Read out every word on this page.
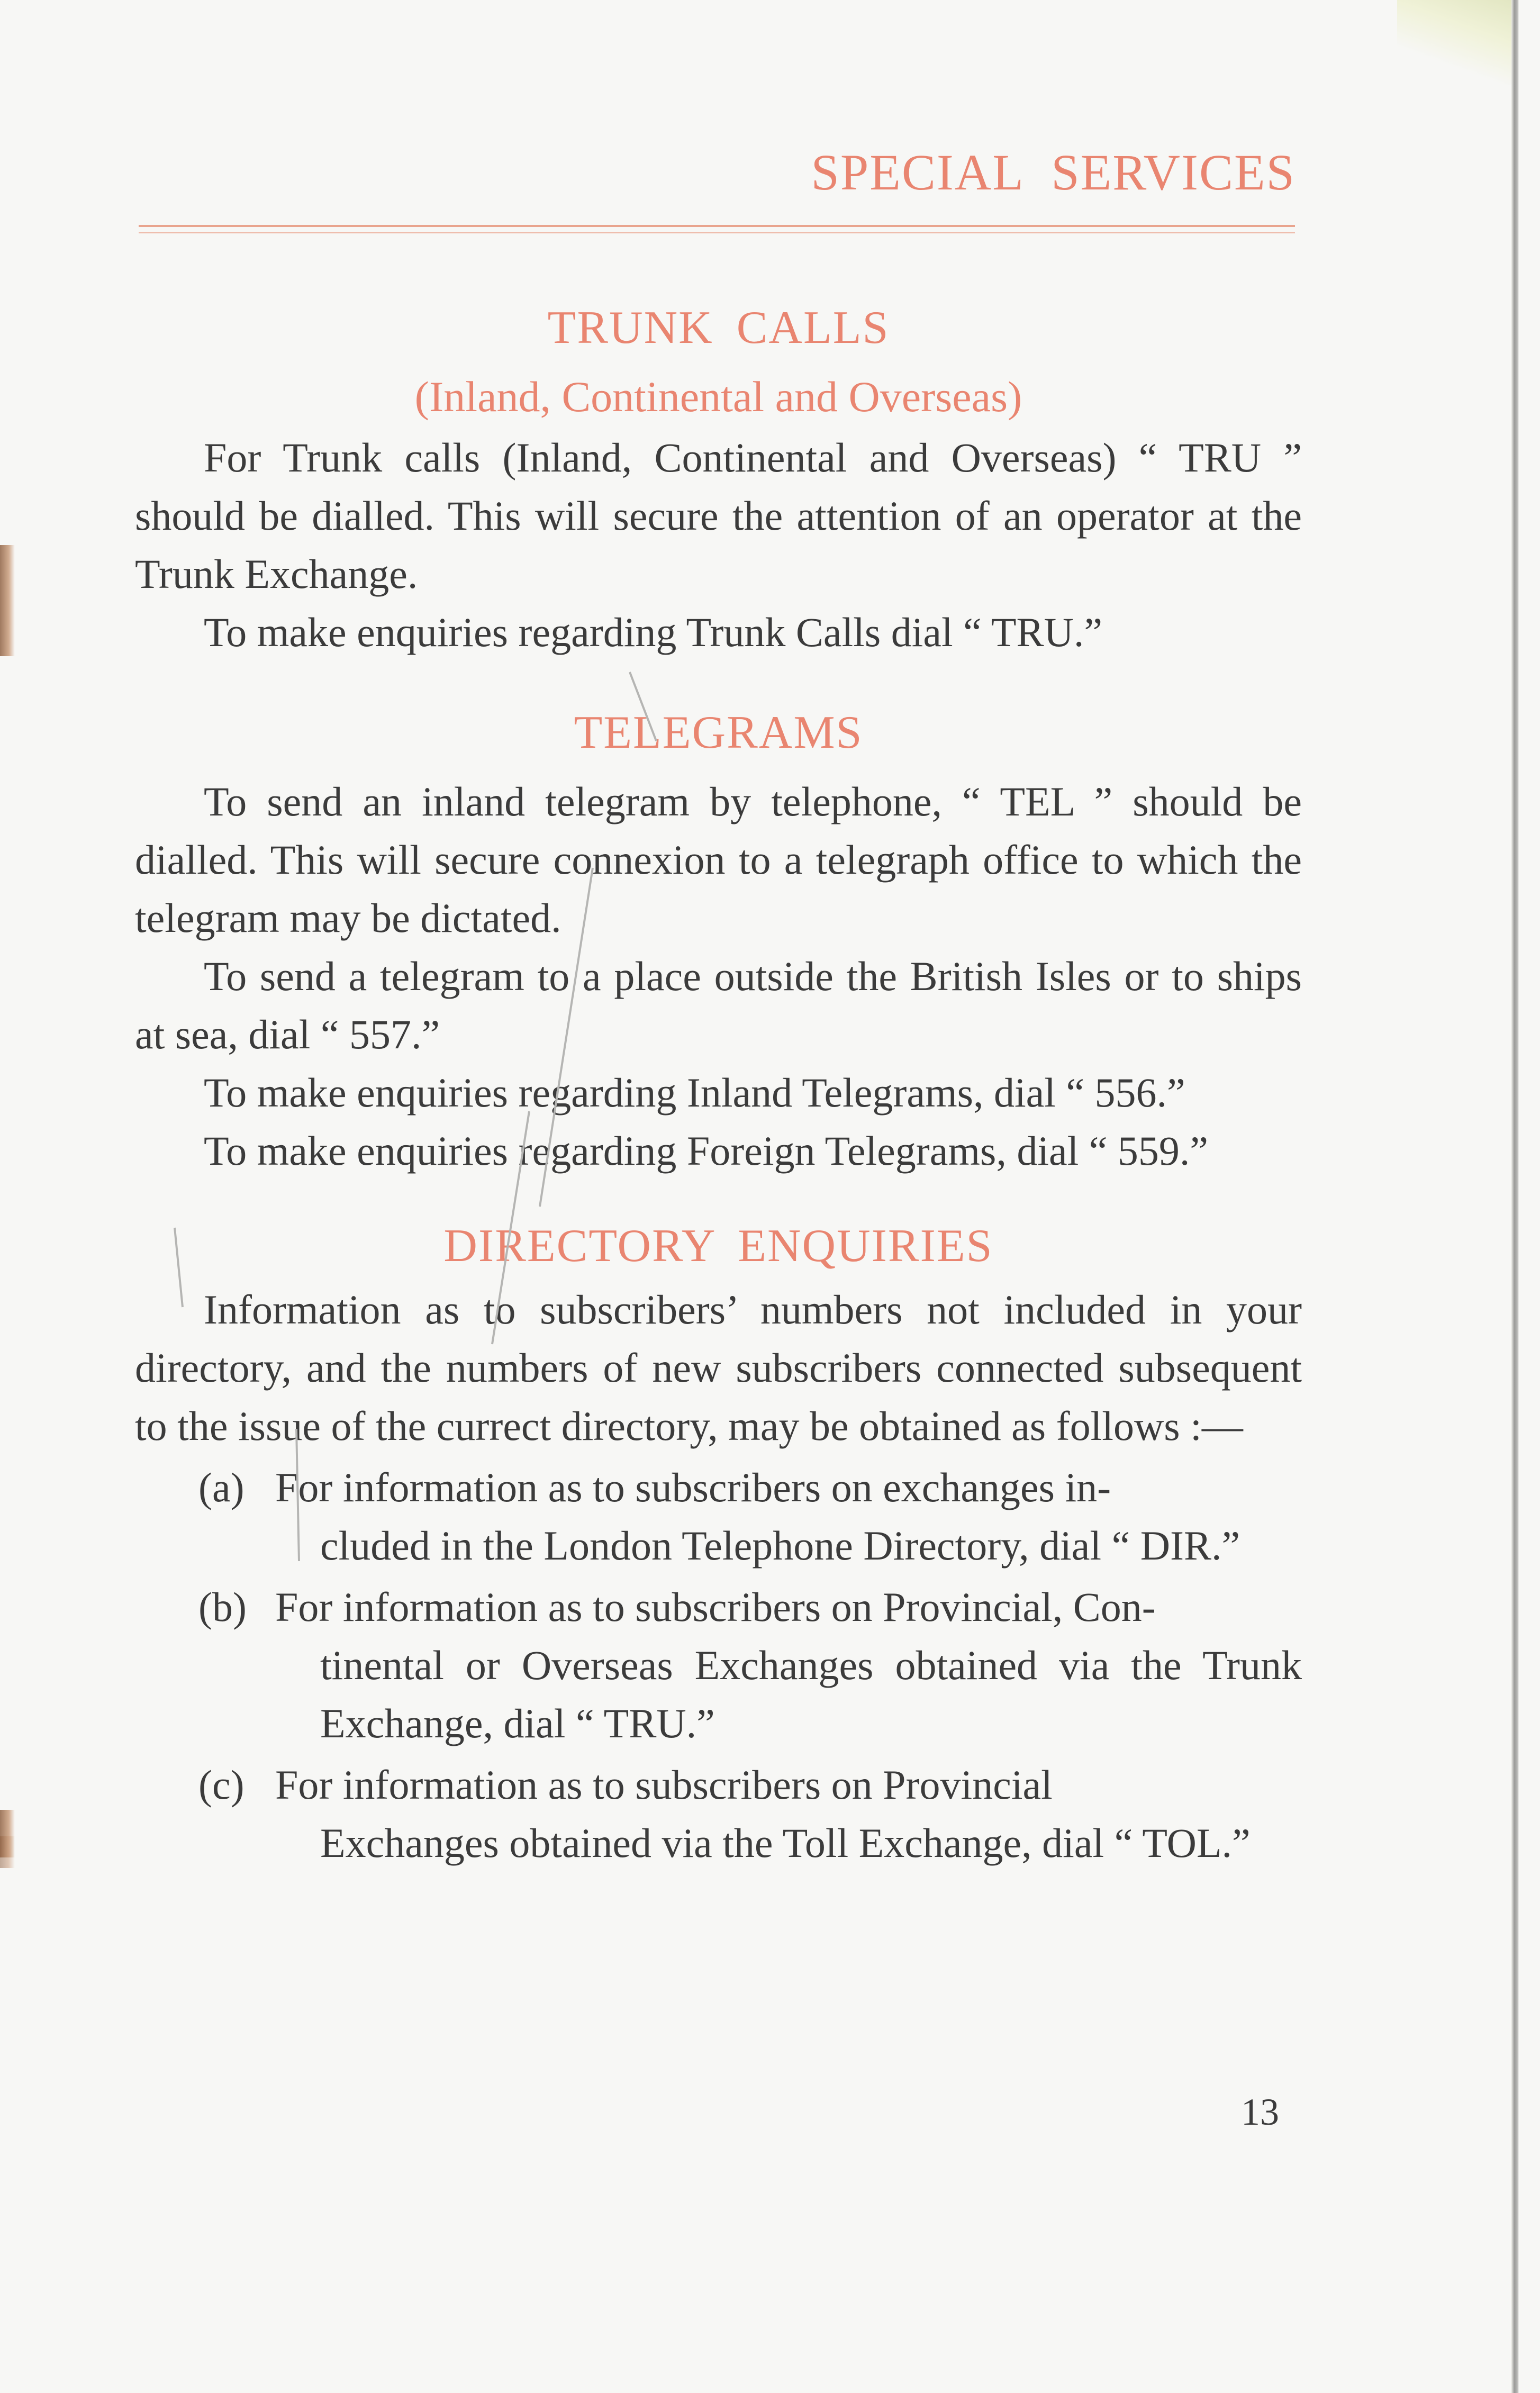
SPECIAL SERVICES
TRUNK CALLS
(Inland, Continental and Overseas)

For Trunk calls (Inland, Continental and Overseas) “ TRU ” should be dialled. This will secure the attention of an operator at the Trunk Exchange.

To make enquiries regarding Trunk Calls dial “ TRU.”

TELEGRAMS

To send an inland telegram by telephone, “ TEL ” should be dialled. This will secure connexion to a telegraph office to which the telegram may be dictated.

To send a telegram to a place outside the British Isles or to ships at sea, dial “ 557.”

To make enquiries regarding Inland Telegrams, dial “ 556.”

To make enquiries regarding Foreign Telegrams, dial “ 559.”

DIRECTORY ENQUIRIES

Information as to subscribers’ numbers not included in your directory, and the numbers of new subscribers connected subsequent to the issue of the currect directory, may be obtained as follows :—

(a) For information as to subscribers on exchanges in-
cluded in the London Telephone Directory, dial “ DIR.”
(b) For information as to subscribers on Provincial, Con-
tinental or Overseas Exchanges obtained via the Trunk Exchange, dial “ TRU.”
(c) For information as to subscribers on Provincial
Exchanges obtained via the Toll Exchange, dial “ TOL.”
13
